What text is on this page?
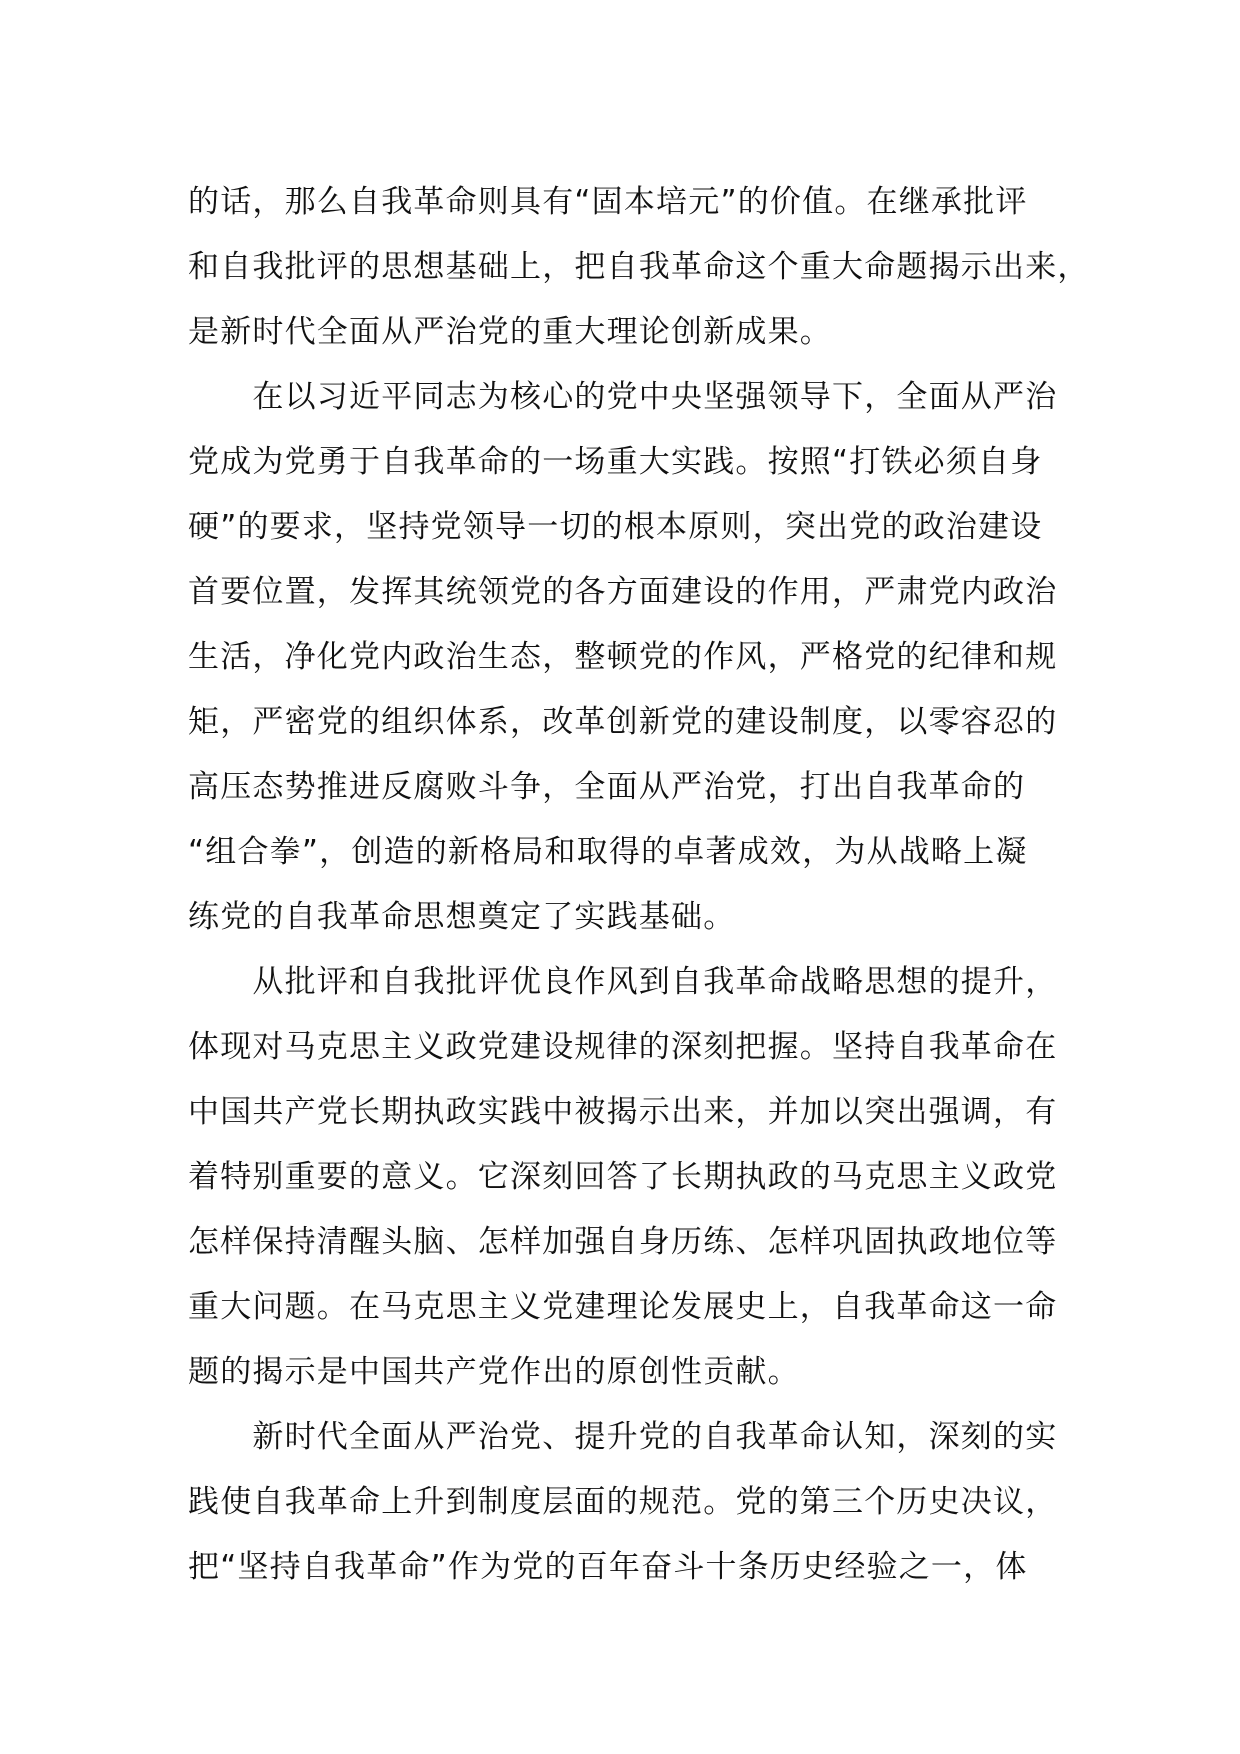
的话，那么自我革命则具有“固本培元”的价值。在继承批评
和自我批评的思想基础上，把自我革命这个重大命题揭示出来，
是新时代全面从严治党的重大理论创新成果。
　　在以习近平同志为核心的党中央坚强领导下，全面从严治
党成为党勇于自我革命的一场重大实践。按照“打铁必须自身
硬”的要求，坚持党领导一切的根本原则，突出党的政治建设
首要位置，发挥其统领党的各方面建设的作用，严肃党内政治
生活，净化党内政治生态，整顿党的作风，严格党的纪律和规
矩，严密党的组织体系，改革创新党的建设制度，以零容忍的
高压态势推进反腐败斗争，全面从严治党，打出自我革命的
“组合拳”，创造的新格局和取得的卓著成效，为从战略上凝
练党的自我革命思想奠定了实践基础。
　　从批评和自我批评优良作风到自我革命战略思想的提升，
体现对马克思主义政党建设规律的深刻把握。坚持自我革命在
中国共产党长期执政实践中被揭示出来，并加以突出强调，有
着特别重要的意义。它深刻回答了长期执政的马克思主义政党
怎样保持清醒头脑、怎样加强自身历练、怎样巩固执政地位等
重大问题。在马克思主义党建理论发展史上，自我革命这一命
题的揭示是中国共产党作出的原创性贡献。
　　新时代全面从严治党、提升党的自我革命认知，深刻的实
践使自我革命上升到制度层面的规范。党的第三个历史决议，
把“坚持自我革命”作为党的百年奋斗十条历史经验之一，体
